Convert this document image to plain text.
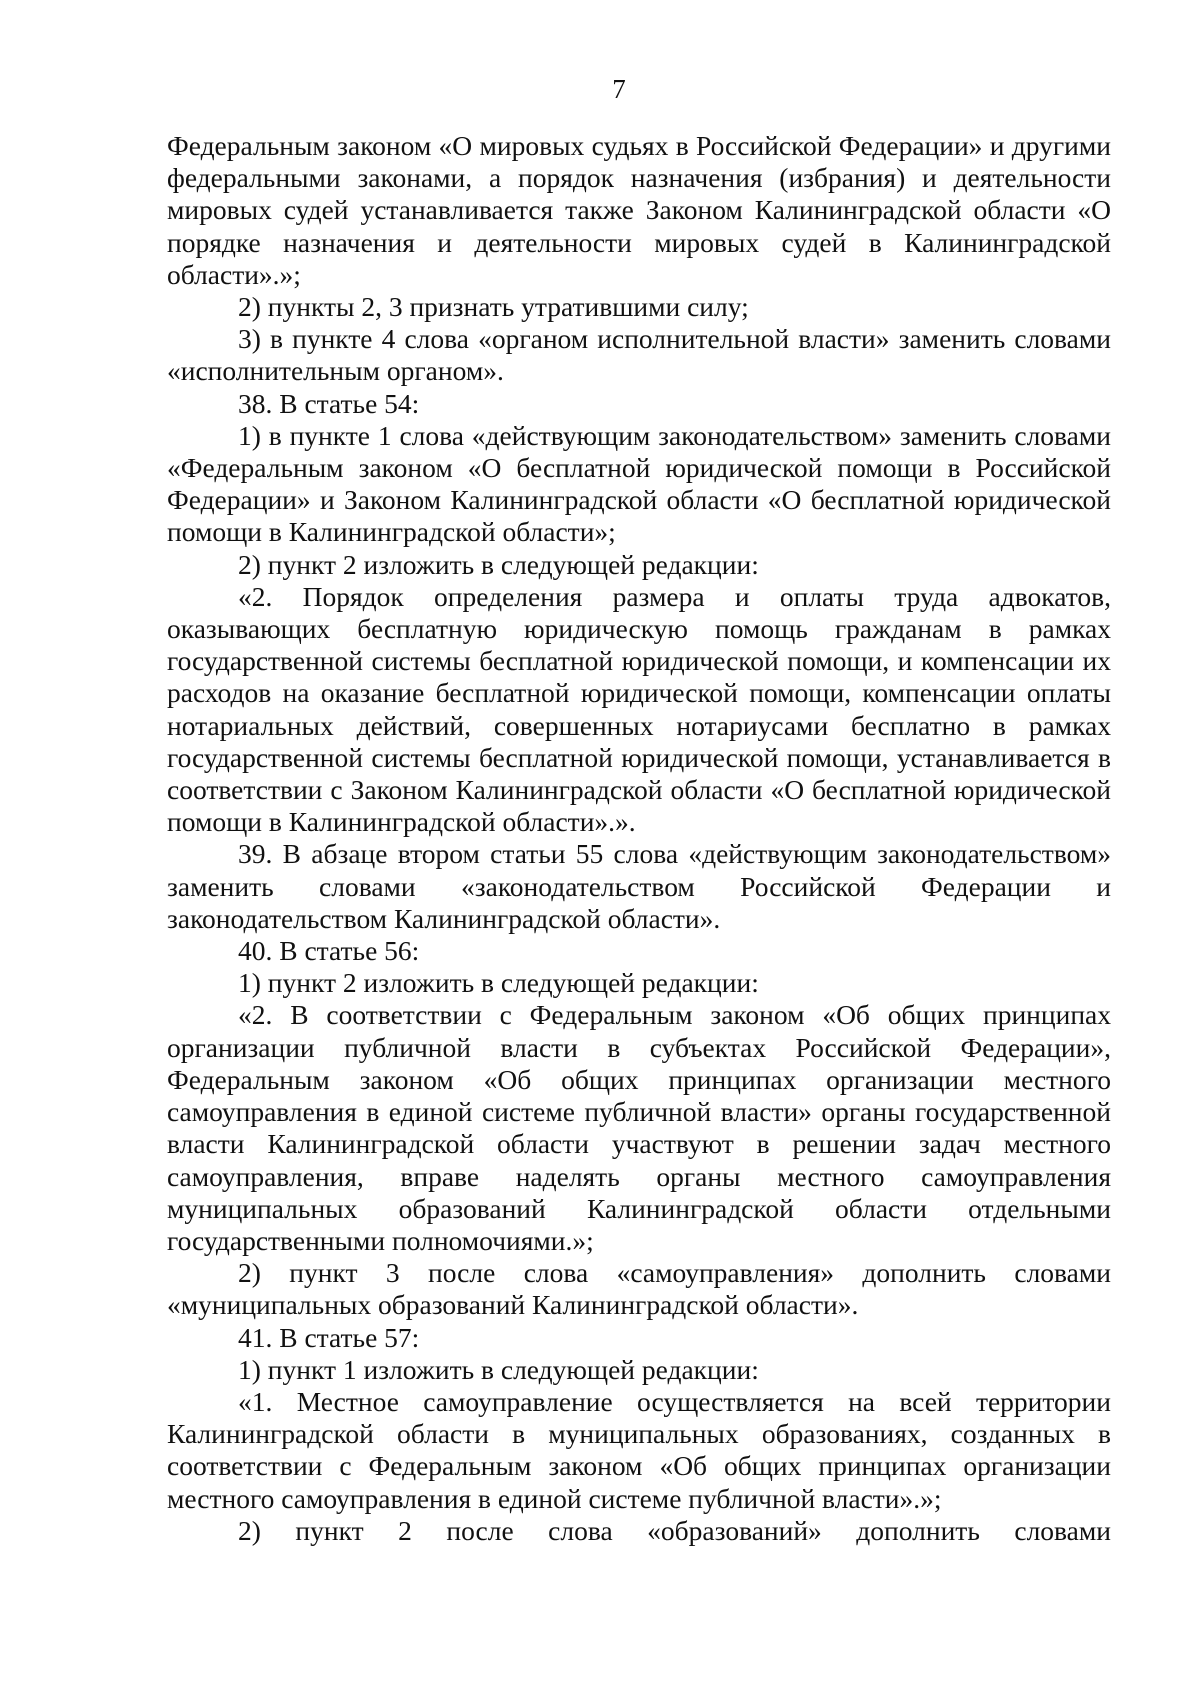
7

Федеральным законом «О мировых судьях в Российской Федерации» и другими федеральными законами, а порядок назначения (избрания) и деятельности мировых судей устанавливается также Законом Калининградской области «О порядке назначения и деятельности мировых судей в Калининградской области».»;

2) пункты 2, 3 признать утратившими силу;

3) в пункте 4 слова «органом исполнительной власти» заменить словами «исполнительным органом».

38. В статье 54:

1) в пункте 1 слова «действующим законодательством» заменить словами «Федеральным законом «О бесплатной юридической помощи в Российской Федерации» и Законом Калининградской области «О бесплатной юридической помощи в Калининградской области»;

2) пункт 2 изложить в следующей редакции:

«2. Порядок определения размера и оплаты труда адвокатов, оказывающих бесплатную юридическую помощь гражданам в рамках государственной системы бесплатной юридической помощи, и компенсации их расходов на оказание бесплатной юридической помощи, компенсации оплаты нотариальных действий, совершенных нотариусами бесплатно в рамках государственной системы бесплатной юридической помощи, устанавливается в соответствии с Законом Калининградской области «О бесплатной юридической помощи в Калининградской области».».

39. В абзаце втором статьи 55 слова «действующим законодательством» заменить словами «законодательством Российской Федерации и законодательством Калининградской области».

40. В статье 56:

1) пункт 2 изложить в следующей редакции:

«2. В соответствии с Федеральным законом «Об общих принципах организации публичной власти в субъектах Российской Федерации», Федеральным законом «Об общих принципах организации местного самоуправления в единой системе публичной власти» органы государственной власти Калининградской области участвуют в решении задач местного самоуправления, вправе наделять органы местного самоуправления муниципальных образований Калининградской области отдельными государственными полномочиями.»;

2) пункт 3 после слова «самоуправления» дополнить словами «муниципальных образований Калининградской области».

41. В статье 57:

1) пункт 1 изложить в следующей редакции:

«1. Местное самоуправление осуществляется на всей территории Калининградской области в муниципальных образованиях, созданных в соответствии с Федеральным законом «Об общих принципах организации местного самоуправления в единой системе публичной власти».»;

2) пункт 2 после слова «образований» дополнить словами
